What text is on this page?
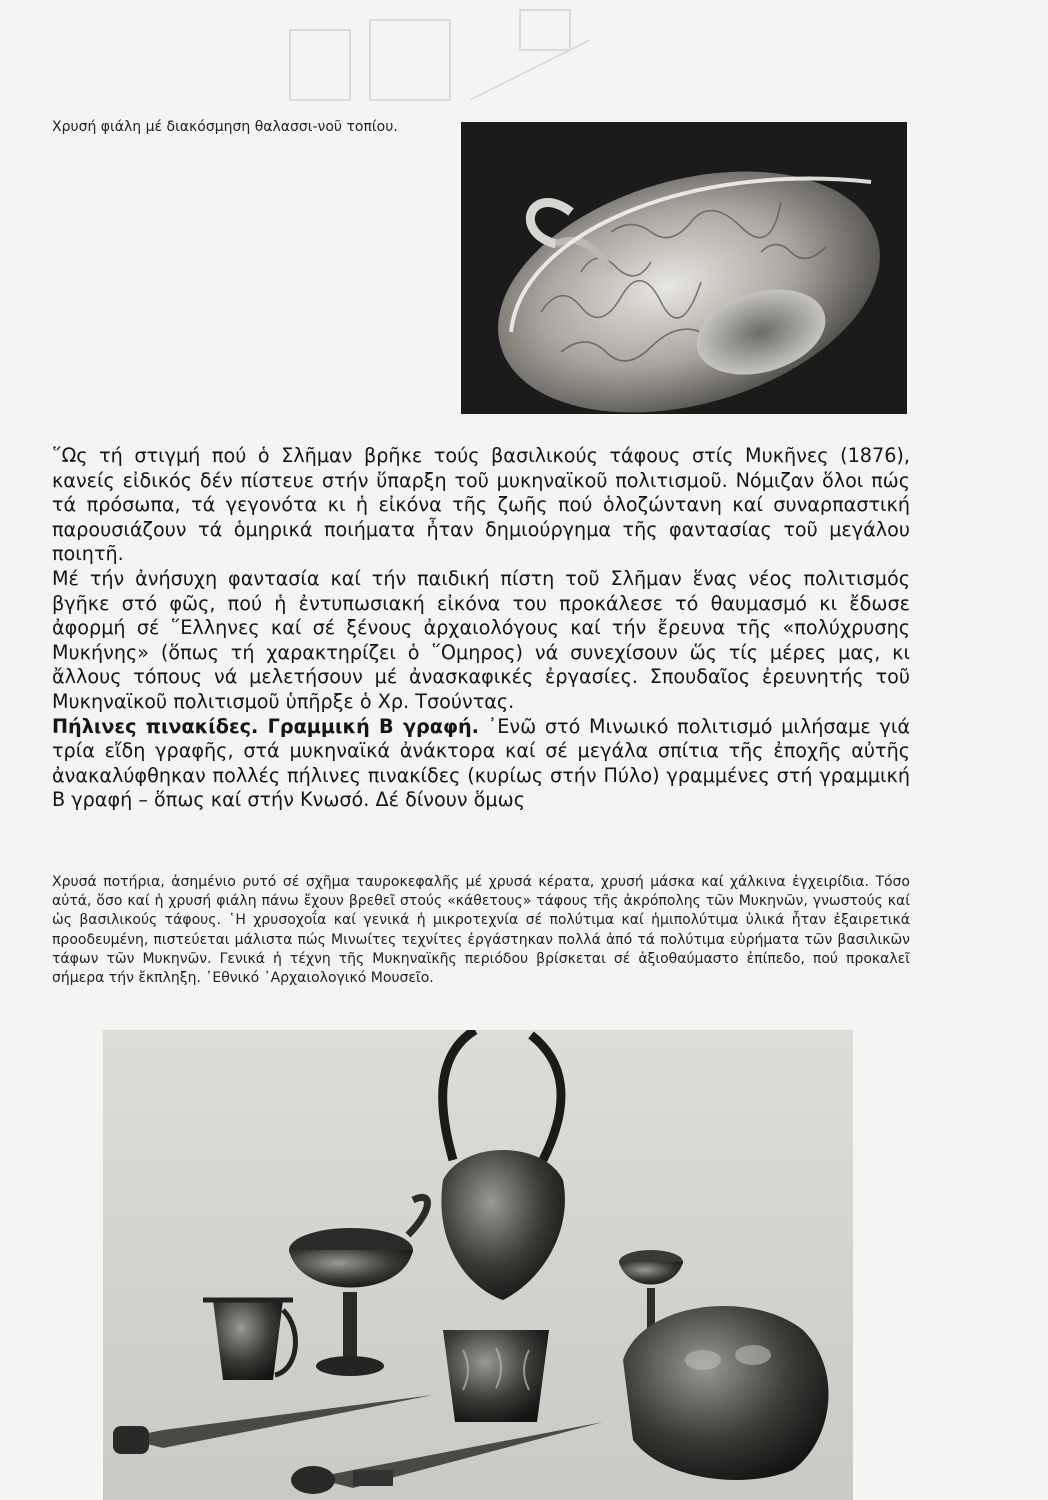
Χρυσή φιάλη μέ διακόσμηση θαλασσι-νοῦ τοπίου.

῞Ως τή στιγμή πού ὁ Σλῆμαν βρῆκε τούς βασιλικούς τάφους στίς Μυκῆνες (1876), κανείς εἰδικός δέν πίστευε στήν ὕπαρξη τοῦ μυκηναϊκοῦ πολιτισμοῦ. Νόμιζαν ὅλοι πώς τά πρόσωπα, τά γεγονότα κι ἡ εἰκόνα τῆς ζωῆς πού ὁλοζώντανη καί συναρπαστική παρουσιάζουν τά ὁμηρικά ποιήματα ἦταν δημιούργημα τῆς φαντασίας τοῦ μεγάλου ποιητῆ.

Μέ τήν ἀνήσυχη φαντασία καί τήν παιδική πίστη τοῦ Σλῆμαν ἕνας νέος πολιτισμός βγῆκε στό φῶς, πού ἡ ἐντυπωσιακή εἰκόνα του προκάλεσε τό θαυμασμό κι ἔδωσε ἀφορμή σέ ῞Ελληνες καί σέ ξένους ἀρχαιολόγους καί τήν ἔρευνα τῆς «πολύχρυσης Μυκήνης» (ὅπως τή χαρακτηρίζει ὁ ῞Ομηρος) νά συνεχίσουν ὥς τίς μέρες μας, κι ἄλλους τόπους νά μελετήσουν μέ ἀνασκαφικές ἐργασίες. Σπουδαῖος ἐρευνητής τοῦ Μυκηναϊκοῦ πολιτισμοῦ ὑπῆρξε ὁ Χρ. Τσούντας.

Πήλινες πινακίδες. Γραμμική Β γραφή. ᾿Ενῶ στό Μινωικό πολιτισμό μιλήσαμε γιά τρία εἴδη γραφῆς, στά μυκηναϊκά ἀνάκτορα καί σέ μεγάλα σπίτια τῆς ἐποχῆς αὐτῆς ἀνακαλύφθηκαν πολλές πήλινες πινακίδες (κυρίως στήν Πύλο) γραμμένες στή γραμμική Β γραφή – ὅπως καί στήν Κνωσό. Δέ δίνουν ὅμως

Χρυσά ποτήρια, ἀσημένιο ρυτό σέ σχῆμα ταυροκεφαλῆς μέ χρυσά κέρατα, χρυσή μάσκα καί χάλκινα ἐγχειρίδια. Τόσο αὐτά, ὅσο καί ἡ χρυσή φιάλη πάνω ἔχουν βρεθεῖ στούς «κάθετους» τάφους τῆς ἀκρόπολης τῶν Μυκηνῶν, γνωστούς καί ὡς βασιλικούς τάφους. ῾Η χρυσοχοΐα καί γενικά ἡ μικροτεχνία σέ πολύτιμα καί ἡμιπολύτιμα ὑλικά ἦταν ἐξαιρετικά προοδευμένη, πιστεύεται μάλιστα πώς Μινωίτες τεχνίτες ἐργάστηκαν πολλά ἀπό τά πολύτιμα εὑρήματα τῶν βασιλικῶν τάφων τῶν Μυκηνῶν. Γενικά ἡ τέχνη τῆς Μυκηναϊκῆς περιόδου βρίσκεται σέ ἀξιοθαύμαστο ἐπίπεδο, πού προκαλεῖ σήμερα τήν ἔκπληξη. ᾿Εθνικό ᾿Αρχαιολογικό Μουσεῖο.
